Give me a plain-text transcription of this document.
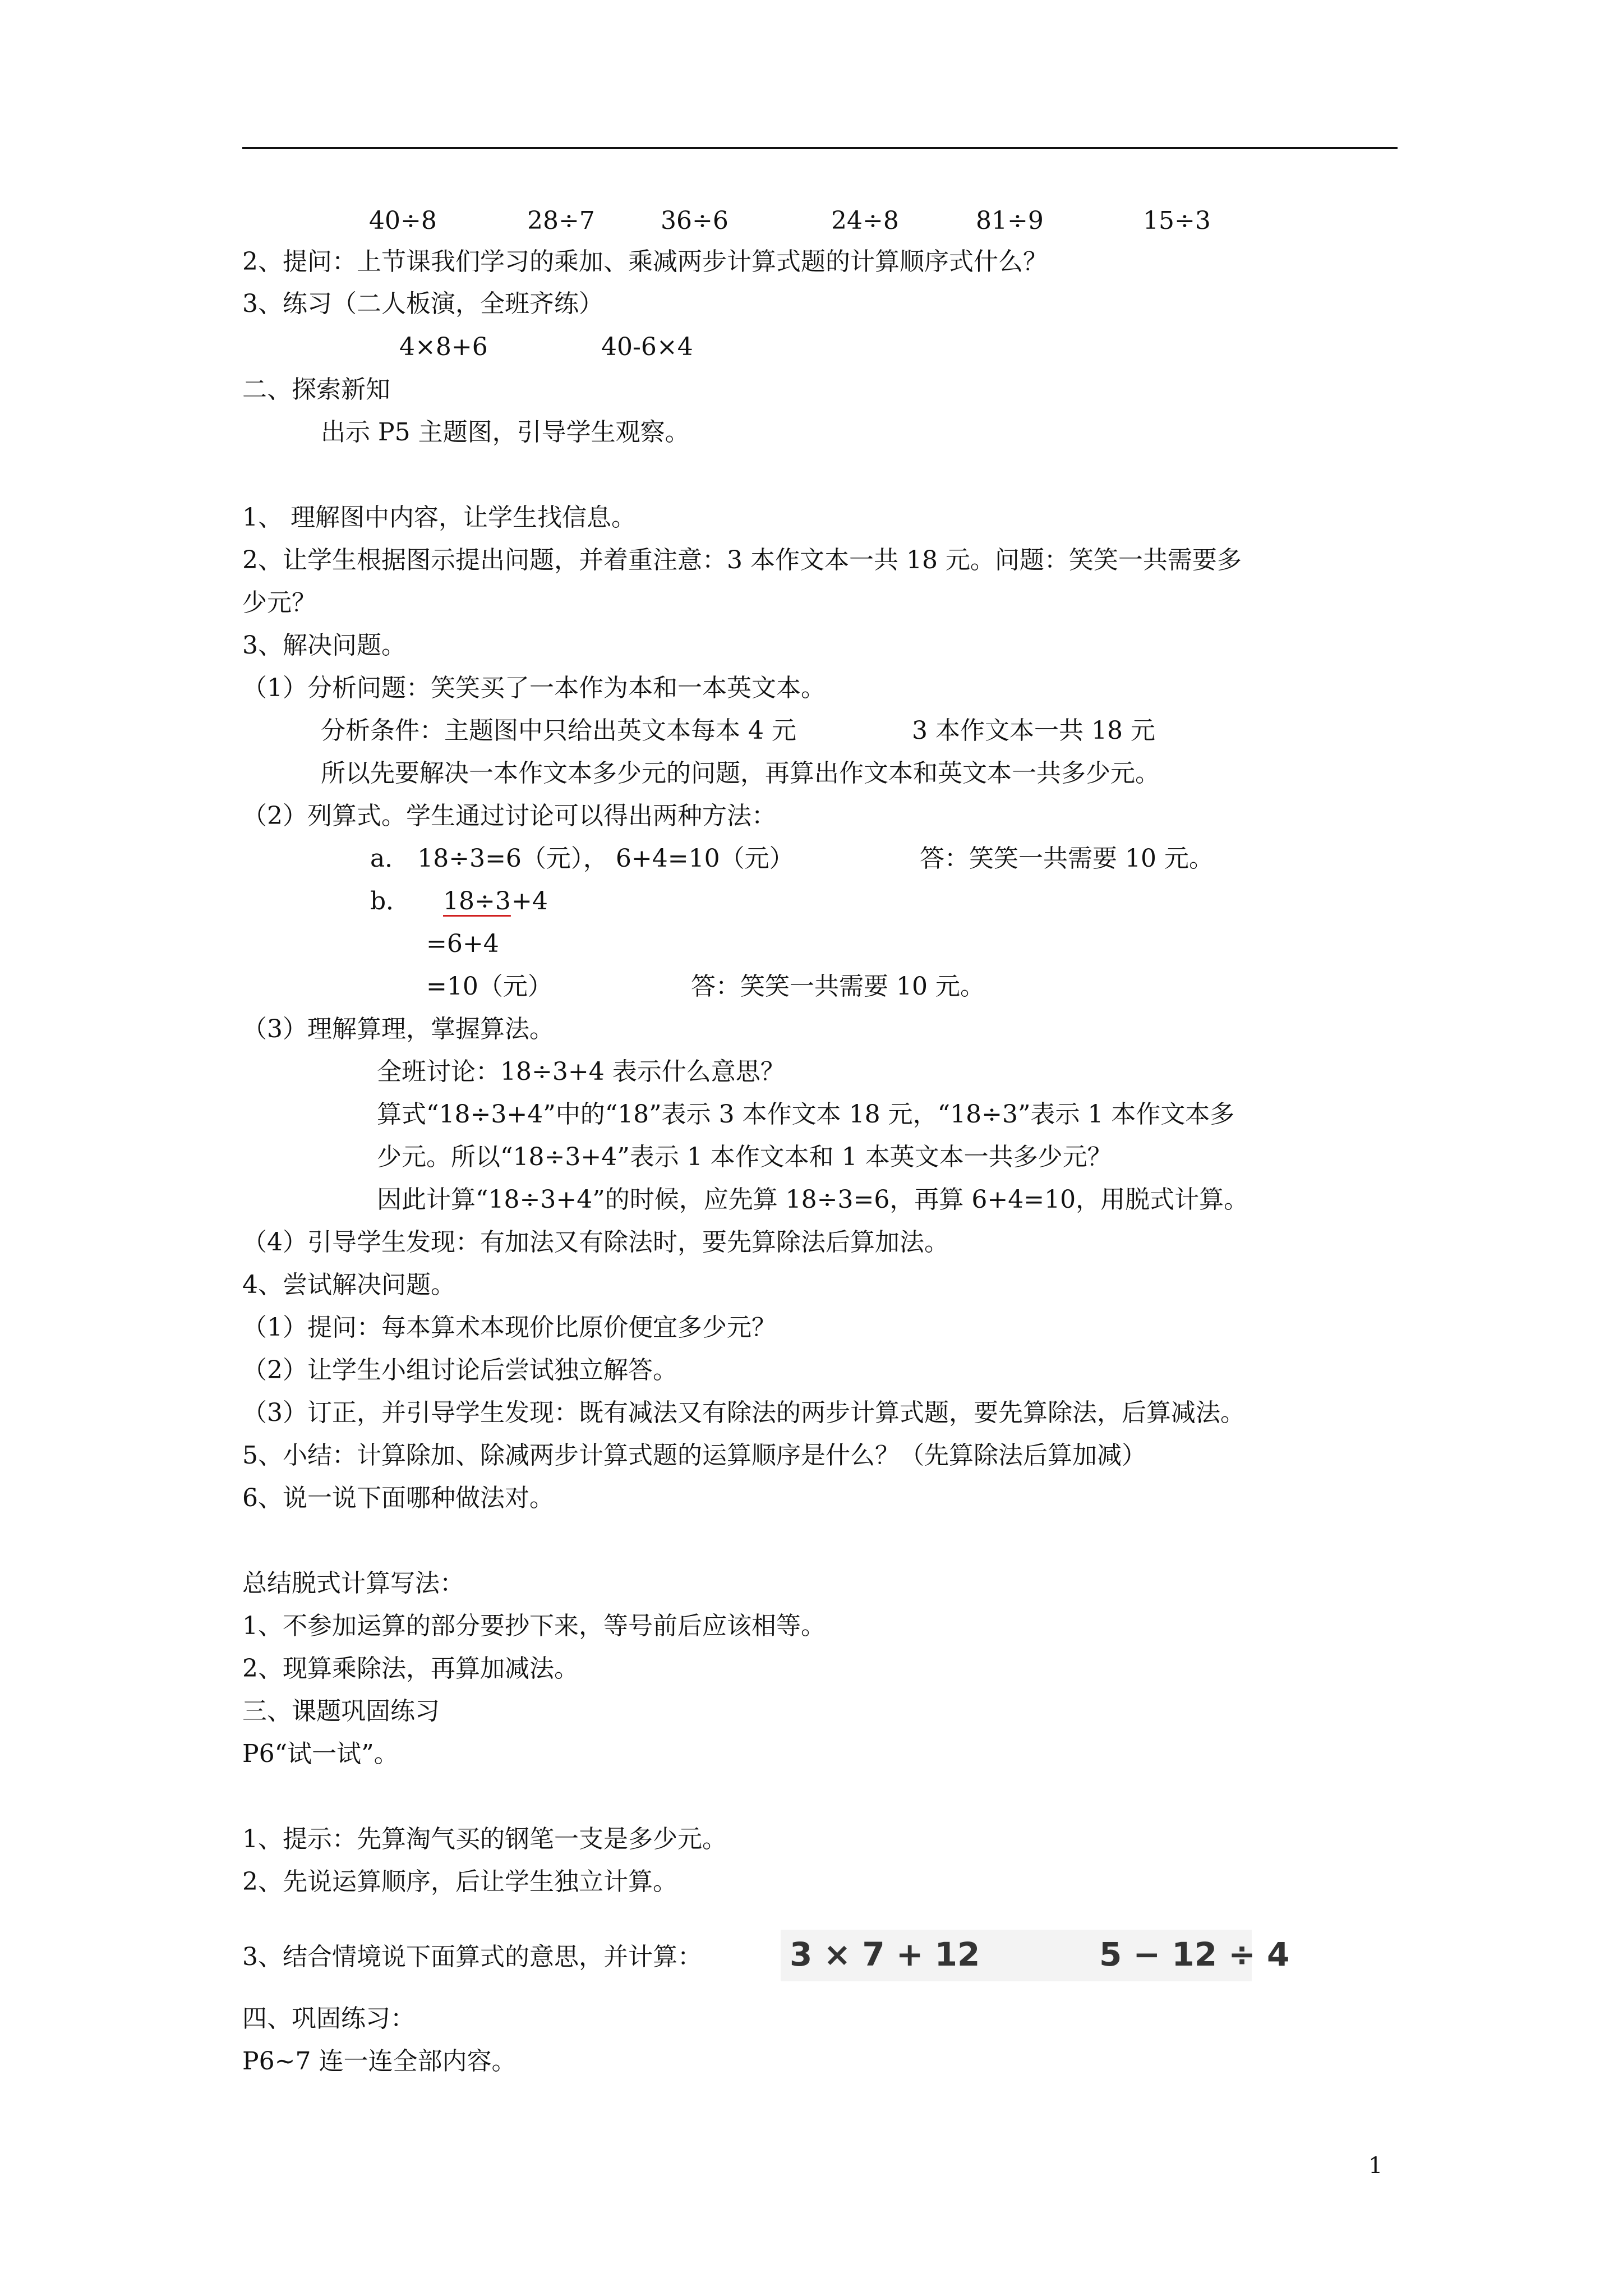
40÷8	28÷7	36÷6	24÷8	81÷9	15÷3
2、提问：上节课我们学习的乘加、乘减两步计算式题的计算顺序式什么？
3、练习（二人板演，全班齐练）
4×8+6	40-6×4
二、探索新知
出示 P5 主题图，引导学生观察。
1、 理解图中内容，让学生找信息。
2、让学生根据图示提出问题，并着重注意：3 本作文本一共 18 元。问题：笑笑一共需要多
少元？
3、解决问题。
（1）分析问题：笑笑买了一本作为本和一本英文本。
分析条件：主题图中只给出英文本每本 4 元	3 本作文本一共 18 元
所以先要解决一本作文本多少元的问题，再算出作文本和英文本一共多少元。
（2）列算式。学生通过讨论可以得出两种方法：
a． 18÷3=6（元）， 6+4=10（元）	答：笑笑一共需要 10 元。
b． 18÷3 +4
=6+4
=10（元）	答：笑笑一共需要 10 元。
（3）理解算理，掌握算法。
全班讨论：18÷3+4 表示什么意思？
算式“18÷3+4”中的“18”表示 3 本作文本 18 元，“18÷3”表示 1 本作文本多
少元。所以“18÷3+4”表示 1 本作文本和 1 本英文本一共多少元？
因此计算“18÷3+4”的时候，应先算 18÷3=6，再算 6+4=10，用脱式计算。
（4）引导学生发现：有加法又有除法时，要先算除法后算加法。
4、尝试解决问题。
（1）提问：每本算术本现价比原价便宜多少元？
（2）让学生小组讨论后尝试独立解答。
（3）订正，并引导学生发现：既有减法又有除法的两步计算式题，要先算除法，后算减法。
5、小结：计算除加、除减两步计算式题的运算顺序是什么？（先算除法后算加减）
6、说一说下面哪种做法对。
总结脱式计算写法：
1、不参加运算的部分要抄下来，等号前后应该相等。
2、现算乘除法，再算加减法。
三、课题巩固练习
P6“试一试”。
1、提示：先算淘气买的钢笔一支是多少元。
2、先说运算顺序，后让学生独立计算。
3、结合情境说下面算式的意思，并计算：	3 × 7 + 12	5 − 12 ÷ 4
四、巩固练习：
P6~7 连一连全部内容。
1
